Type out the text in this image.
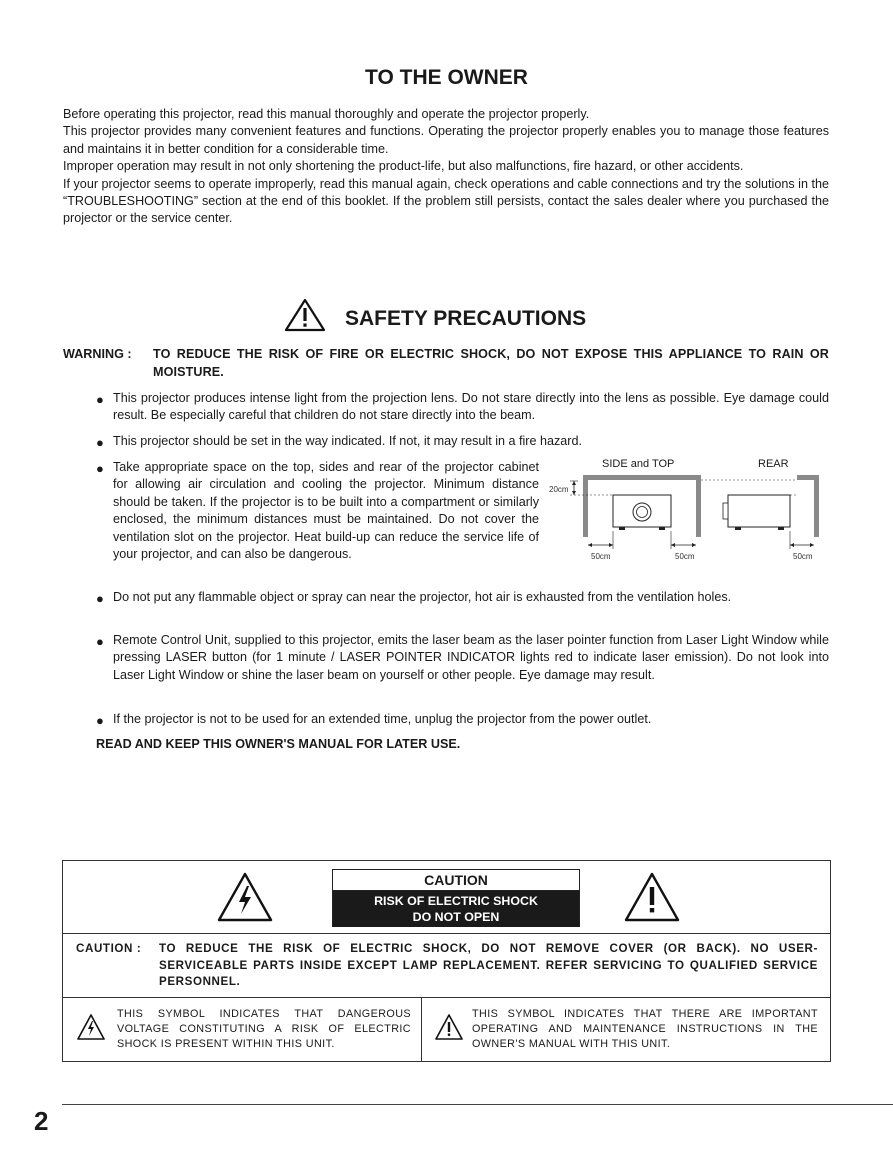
TO THE OWNER

Before operating this projector, read this manual thoroughly and operate the projector properly.

This projector provides many convenient features and functions. Operating the projector properly enables you to manage those features and maintains it in better condition for a considerable time.

Improper operation may result in not only shortening the product-life, but also malfunctions, fire hazard, or other accidents.

If your projector seems to operate improperly, read this manual again, check operations and cable connections and try the solutions in the “TROUBLESHOOTING” section at the end of this booklet. If the problem still persists, contact the sales dealer where you purchased the projector or the service center.

SAFETY PRECAUTIONS
WARNING : TO REDUCE THE RISK OF FIRE OR ELECTRIC SHOCK, DO NOT EXPOSE THIS APPLIANCE TO RAIN OR MOISTURE.
● This projector produces intense light from the projection lens. Do not stare directly into the lens as possible. Eye damage could result. Be especially careful that children do not stare directly into the beam.
● This projector should be set in the way indicated. If not, it may result in a fire hazard.
● Take appropriate space on the top, sides and rear of the projector cabinet for allowing air circulation and cooling the projector. Minimum distance should be taken. If the projector is to be built into a compartment or similarly enclosed, the minimum distances must be maintained. Do not cover the ventilation slot on the projector. Heat build-up can reduce the service life of your projector, and can also be dangerous.
● Do not put any flammable object or spray can near the projector, hot air is exhausted from the ventilation holes.
● Remote Control Unit, supplied to this projector, emits the laser beam as the laser pointer function from Laser Light Window while pressing LASER button (for 1 minute / LASER POINTER INDICATOR lights red to indicate laser emission). Do not look into Laser Light Window or shine the laser beam on yourself or other people. Eye damage may result.
● If the projector is not to be used for an extended time, unplug the projector from the power outlet.
READ AND KEEP THIS OWNER'S MANUAL FOR LATER USE.
SIDE and TOP	REAR
20cm
50cm	50cm	50cm
CAUTION
RISK OF ELECTRIC SHOCK
DO NOT OPEN
CAUTION : TO REDUCE THE RISK OF ELECTRIC SHOCK, DO NOT REMOVE COVER (OR BACK). NO USER-SERVICEABLE PARTS INSIDE EXCEPT LAMP REPLACEMENT. REFER SERVICING TO QUALIFIED SERVICE PERSONNEL.
THIS SYMBOL INDICATES THAT DANGEROUS VOLTAGE CONSTITUTING A RISK OF ELECTRIC SHOCK IS PRESENT WITHIN THIS UNIT.
THIS SYMBOL INDICATES THAT THERE ARE IMPORTANT OPERATING AND MAINTENANCE INSTRUCTIONS IN THE OWNER'S MANUAL WITH THIS UNIT.
2
